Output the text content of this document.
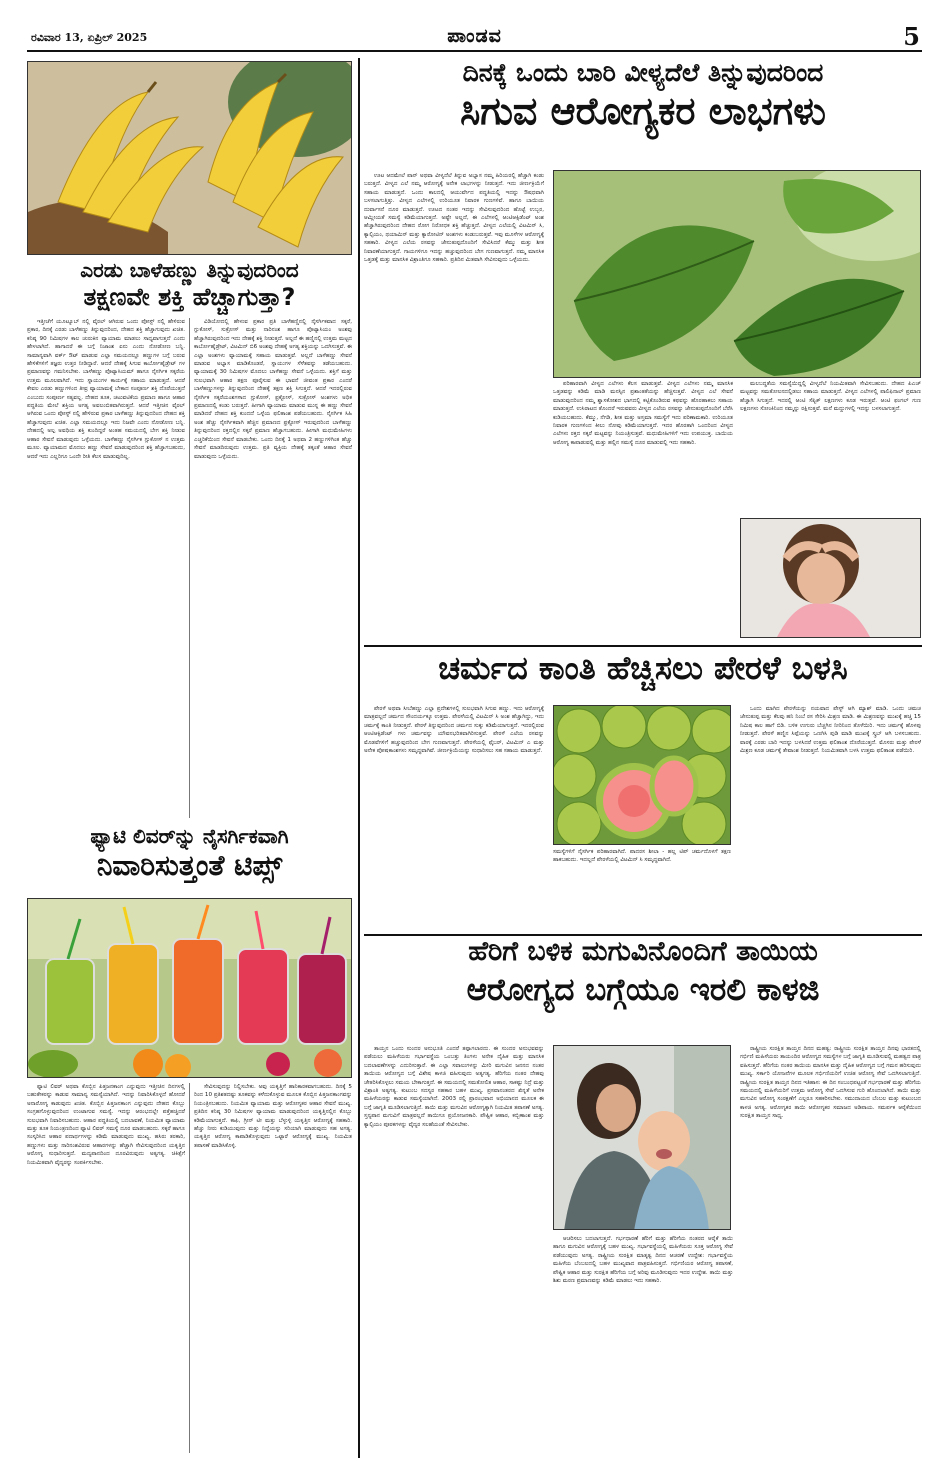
ರವಿವಾರ 13, ಏಪ್ರಿಲ್ 2025	ಪಾಂಡವ	5
ಎರಡು ಬಾಳೆಹಣ್ಣು ತಿನ್ನುವುದರಿಂದ
ತಕ್ಷಣವೇ ಶಕ್ತಿ ಹೆಚ್ಚಾಗುತ್ತಾ?

ಇತ್ತೀಚೆಗೆ ಯೂಟ್ಯೂಬ್ ನಲ್ಲಿ ವೈರಲ್ ಆಗಿರುವ ಒಂದು ಪೋಸ್ಟ್ ನಲ್ಲಿ ಹೇಳಿರುವ ಪ್ರಕಾರ, ದಿನಕ್ಕೆ ಎರಡು ಬಾಳೆಹಣ್ಣು ತಿನ್ನುವುದರಿಂದ, ದೇಹದ ಶಕ್ತಿ ಹೆಚ್ಚಾಗುವುದು ಖಚಿತ. ಕನಿಷ್ಠ 90 ನಿಮಿಷಗಳ ಕಾಲ ಚುರುಕಿನ ವ್ಯಾಯಾಮ ಮಾಡಲು ಸಾಧ್ಯವಾಗುತ್ತದೆ ಎಂದು ಹೇಳಲಾಗಿದೆ. ಹಾಗಾದರೆ ಈ ಬಗ್ಗೆ ನಿಜಾಂಶ ಏನು ಎಂದು ನೋಡೋಣ ಬನ್ನಿ. ಸಾಮಾನ್ಯವಾಗಿ ವರ್ಕ್ ಔಟ್ ಮಾಡುವ ಎಲ್ಲಾ ಸಮಯದಲ್ಲೂ ಹಣ್ಣುಗಳ ಬಗ್ಗೆ ಬರುವ ಹೇಳಿಕೆಗಳಿಗೆ ತಜ್ಞರು ಉತ್ತರ ನೀಡಿದ್ದಾರೆ. ಆದರೆ ದೇಹಕ್ಕೆ ಸಿಗುವ ಕಾರ್ಬೋಹೈಡ್ರೇಟ್ ಗಳ ಪ್ರಮಾಣವನ್ನು ಗಮನಿಸಬೇಕು. ಬಾಳೆಹಣ್ಣು ಪೊಟ್ಯಾಸಿಯಮ್ ಹಾಗೂ ನೈಸರ್ಗಿಕ ಸಕ್ಕರೆಯ ಉತ್ತಮ ಮೂಲವಾಗಿದೆ. ಇದು ಸ್ನಾಯುಗಳ ಕಾರ್ಯಕ್ಕೆ ಸಹಾಯ ಮಾಡುತ್ತದೆ. ಆದರೆ ಕೇವಲ ಎರಡು ಹಣ್ಣುಗಳಿಂದ ತೀವ್ರ ವ್ಯಾಯಾಮಕ್ಕೆ ಬೇಕಾದ ಸಂಪೂರ್ಣ ಶಕ್ತಿ ದೊರೆಯುತ್ತದೆ ಎಂಬುದು ಸಂಪೂರ್ಣ ಸತ್ಯವಲ್ಲ. ದೇಹದ ತೂಕ, ಚಟುವಟಿಕೆಯ ಪ್ರಮಾಣ ಹಾಗೂ ಆಹಾರ ಪದ್ಧತಿಯ ಮೇಲೆ ಶಕ್ತಿಯ ಅಗತ್ಯ ಅವಲಂಬಿತವಾಗಿರುತ್ತದೆ. ಆದರೆ ಇತ್ತೀಚಿನ ವೈರಲ್ ಆಗಿರುವ ಒಂದು ಪೋಸ್ಟ್ ನಲ್ಲಿ ಹೇಳಿರುವ ಪ್ರಕಾರ ಬಾಳೆಹಣ್ಣು ತಿನ್ನುವುದರಿಂದ ದೇಹದ ಶಕ್ತಿ ಹೆಚ್ಚಾಗುವುದು ಖಚಿತ. ಎಲ್ಲಾ ಸಮಯದಲ್ಲೂ ಇದು ನಿಜವೇ ಎಂದು ನೋಡೋಣ ಬನ್ನಿ. ದೇಹದಲ್ಲಿ ಅಲ್ಪ ಅವಧಿಯ ಶಕ್ತಿ ಕುಂದಿದ್ದರೆ ಅಂತಹ ಸಮಯದಲ್ಲಿ ಬೇಗ ಶಕ್ತಿ ನೀಡುವ ಆಹಾರ ಸೇವನೆ ಮಾಡುವುದು ಒಳ್ಳೆಯದು. ಬಾಳೆಹಣ್ಣು ನೈಸರ್ಗಿಕ ಗ್ಲುಕೋಸ್ ನ ಉತ್ತಮ ಮೂಲ. ವ್ಯಾಯಾಮದ ಮೊದಲು ಹಣ್ಣು ಸೇವನೆ ಮಾಡುವುದರಿಂದ ಶಕ್ತಿ ಹೆಚ್ಚಾಗಬಹುದು, ಆದರೆ ಇದು ಎಲ್ಲರಿಗೂ ಒಂದೇ ರೀತಿ ಕೆಲಸ ಮಾಡುವುದಿಲ್ಲ.

ವಿಡಿಯೋದಲ್ಲಿ ಹೇಳುವ ಪ್ರಕಾರ ಪ್ರತಿ ಬಾಳೆಹಣ್ಣಿನಲ್ಲಿ ನೈಸರ್ಗಿಕವಾದ ಸಕ್ಕರೆ, ಗ್ಲುಕೋಸ್, ಸುಕ್ರೋಸ್ ಮತ್ತು ನಾರಿನಂಶ ಹಾಗೂ ಪೊಟ್ಯಾಸಿಯಂ ಅಂಶವು ಹೆಚ್ಚಾಗಿರುವುದರಿಂದ ಇದು ದೇಹಕ್ಕೆ ಶಕ್ತಿ ನೀಡುತ್ತದೆ. ಅಲ್ಲದೆ ಈ ಹಣ್ಣಿನಲ್ಲಿ ಉತ್ತಮ ಮಟ್ಟದ ಕಾರ್ಬೋಹೈಡ್ರೇಟ್, ವಿಟಮಿನ್ ಬಿ6 ಅಂಶವು ದೇಹಕ್ಕೆ ಅಗತ್ಯ ಶಕ್ತಿಯನ್ನು ಒದಗಿಸುತ್ತವೆ. ಈ ಎಲ್ಲಾ ಅಂಶಗಳು ವ್ಯಾಯಾಮಕ್ಕೆ ಸಹಾಯ ಮಾಡುತ್ತವೆ. ಅಲ್ಲದೆ ಬಾಳೆಹಣ್ಣು ಸೇವನೆ ಮಾಡುವ ಅಭ್ಯಾಸ ಮಾಡಿಕೊಂಡರೆ, ಸ್ನಾಯುಗಳ ಸೆಳೆತವನ್ನು ತಡೆಯಬಹುದು. ವ್ಯಾಯಾಮಕ್ಕೆ 30 ನಿಮಿಷಗಳ ಮೊದಲು ಬಾಳೆಹಣ್ಣು ಸೇವನೆ ಒಳ್ಳೆಯದು. ಶಕ್ತಿಗೆ ಮತ್ತು ಸುಲಭವಾಗಿ ಆಹಾರ ತಕ್ಷಣ ಪೂರೈಸುವ ಈ ಭಾವನೆ ಜೀವಂತ ಪ್ರಕಾರ ಎಂದರೆ ಬಾಳೆಹಣ್ಣುಗಳನ್ನು ತಿನ್ನುವುದರಿಂದ ದೇಹಕ್ಕೆ ತಕ್ಷಣ ಶಕ್ತಿ ಸಿಗುತ್ತದೆ. ಆದರೆ ಇದರಲ್ಲಿರುವ ನೈಸರ್ಗಿಕ ಸಕ್ಕರೆಯಂಶಗಳಾದ ಗ್ಲುಕೋಸ್, ಫ್ರಕ್ಟೋಸ್, ಸುಕ್ರೋಸ್ ಅಂಶಗಳು ಅಧಿಕ ಪ್ರಮಾಣದಲ್ಲಿ ಕಂಡು ಬರುತ್ತದೆ. ಹೀಗಾಗಿ ವ್ಯಾಯಾಮ ಮಾಡುವ ಮುನ್ನ ಈ ಹಣ್ಣು ಸೇವನೆ ಮಾಡಿದರೆ ದೇಹದ ಶಕ್ತಿ ಕುಂದದೆ ಒಳ್ಳೆಯ ಫಲಿತಾಂಶ ಪಡೆಯಬಹುದು. ನೈಸರ್ಗಿಕ ಸಿಹಿ ಅಂಶ ಹೆಚ್ಚು ನೈಸರ್ಗಿಕವಾಗಿ ಹೆಚ್ಚಿನ ಪ್ರಮಾಣದ ಫ್ರಕ್ಟೋಸ್ ಇರುವುದರಿಂದ ಬಾಳೆಹಣ್ಣು ತಿನ್ನುವುದರಿಂದ ರಕ್ತದಲ್ಲಿನ ಸಕ್ಕರೆ ಪ್ರಮಾಣ ಹೆಚ್ಚಾಗಬಹುದು. ಹೀಗಾಗಿ ಮಧುಮೇಹಿಗಳು ಎಚ್ಚರಿಕೆಯಿಂದ ಸೇವನೆ ಮಾಡಬೇಕು. ಒಂದು ದಿನಕ್ಕೆ 1 ಅಥವಾ 2 ಹಣ್ಣುಗಳಿಗಿಂತ ಹೆಚ್ಚು ಸೇವನೆ ಮಾಡದಿರುವುದು ಉತ್ತಮ. ಪ್ರತಿ ವ್ಯಕ್ತಿಯ ದೇಹಕ್ಕೆ ತಕ್ಕಂತೆ ಆಹಾರ ಸೇವನೆ ಮಾಡುವುದು ಒಳ್ಳೆಯದು.

ಫ್ಯಾಟಿ ಲಿವರ್‌ನ್ನು ನೈಸರ್ಗಿಕವಾಗಿ
ನಿವಾರಿಸುತ್ತಂತೆ ಟಿಪ್ಸ್

ಫ್ಯಾಟಿ ಲಿವರ್ ಅಥವಾ ಕೊಬ್ಬಿನ ಪಿತ್ತಜನಕಾಂಗ ಎನ್ನುವುದು ಇತ್ತೀಚಿನ ದಿನಗಳಲ್ಲಿ ಬಹುತೇಕರನ್ನು ಕಾಡುವ ಸಾಮಾನ್ಯ ಸಮಸ್ಯೆಯಾಗಿದೆ. ಇದನ್ನು ನಿವಾರಿಸಿಕೊಳ್ಳದೆ ಹೋದರೆ ಅನಾರೋಗ್ಯ ಕಾಡುವುದು ಖಚಿತ. ಕೊಬ್ಬಿನ ಪಿತ್ತಜನಕಾಂಗ ಎನ್ನುವುದು ದೇಹದ ಕೊಬ್ಬು ಸಂಗ್ರಹಗೊಳ್ಳುವುದರಿಂದ ಉಂಟಾಗುವ ಸಮಸ್ಯೆ. ಇದನ್ನು ಆರಂಭದಲ್ಲೇ ಪತ್ತೆಹಚ್ಚಿದರೆ ಸುಲಭವಾಗಿ ನಿವಾರಿಸಬಹುದು. ಆಹಾರ ಪದ್ಧತಿಯಲ್ಲಿ ಬದಲಾವಣೆ, ನಿಯಮಿತ ವ್ಯಾಯಾಮ ಮತ್ತು ತೂಕ ನಿಯಂತ್ರಣದಿಂದ ಫ್ಯಾಟಿ ಲಿವರ್ ಸಮಸ್ಯೆ ದೂರ ಮಾಡಬಹುದು. ಸಕ್ಕರೆ ಹಾಗೂ ಸಂಸ್ಕರಿಸಿದ ಆಹಾರ ಪದಾರ್ಥಗಳನ್ನು ಕಡಿಮೆ ಮಾಡುವುದು ಮುಖ್ಯ. ಹಸಿರು ತರಕಾರಿ, ಹಣ್ಣುಗಳು ಮತ್ತು ನಾರಿನಂಶವಿರುವ ಆಹಾರಗಳನ್ನು ಹೆಚ್ಚಾಗಿ ಸೇವಿಸುವುದರಿಂದ ಯಕೃತ್ತಿನ ಆರೋಗ್ಯ ಸುಧಾರಿಸುತ್ತದೆ. ಮದ್ಯಪಾನದಿಂದ ದೂರವಿರುವುದು ಅತ್ಯಗತ್ಯ. ಚಿಕಿತ್ಸೆಗೆ ನಿಯಮಿತವಾಗಿ ವೈದ್ಯರನ್ನು ಸಂಪರ್ಕಿಸಬೇಕು.

ಸೇವಿಸುವುದನ್ನು ನಿಲ್ಲಿಸಬೇಕು. ಅವು ಯಕೃತ್ತಿಗೆ ಹಾನಿಕಾರಕವಾಗಬಹುದು. ದಿನಕ್ಕೆ 5 ರಿಂದ 10 ಪ್ರತಿಶತದಷ್ಟು ತೂಕವನ್ನು ಕಳೆದುಕೊಳ್ಳುವ ಮೂಲಕ ಕೊಬ್ಬಿನ ಪಿತ್ತಜನಕಾಂಗವನ್ನು ನಿಯಂತ್ರಿಸಬಹುದು. ನಿಯಮಿತ ವ್ಯಾಯಾಮ ಮತ್ತು ಆರೋಗ್ಯಕರ ಆಹಾರ ಸೇವನೆ ಮುಖ್ಯ. ಪ್ರತಿದಿನ ಕನಿಷ್ಠ 30 ನಿಮಿಷಗಳ ವ್ಯಾಯಾಮ ಮಾಡುವುದರಿಂದ ಯಕೃತ್ತಿನಲ್ಲಿನ ಕೊಬ್ಬು ಕಡಿಮೆಯಾಗುತ್ತದೆ. ಕಾಫಿ, ಗ್ರೀನ್ ಟೀ ಮತ್ತು ಬೆಳ್ಳುಳ್ಳಿ ಯಕೃತ್ತಿನ ಆರೋಗ್ಯಕ್ಕೆ ಸಹಕಾರಿ. ಹೆಚ್ಚು ನೀರು ಕುಡಿಯುವುದು ಮತ್ತು ನಿದ್ದೆಯನ್ನು ಸರಿಯಾಗಿ ಮಾಡುವುದು ಸಹ ಅಗತ್ಯ. ಯಕೃತ್ತಿನ ಆರೋಗ್ಯ ಕಾಪಾಡಿಕೊಳ್ಳುವುದು ಒಟ್ಟಾರೆ ಆರೋಗ್ಯಕ್ಕೆ ಮುಖ್ಯ. ನಿಯಮಿತ ತಪಾಸಣೆ ಮಾಡಿಸಿಕೊಳ್ಳಿ.

ದಿನಕ್ಕೆ ಒಂದು ಬಾರಿ ವೀಳ್ಯದೆಲೆ ತಿನ್ನುವುದರಿಂದ
ಸಿಗುವ ಆರೋಗ್ಯಕರ ಲಾಭಗಳು

ಊಟ ಆದಮೇಲೆ ಪಾನ್ ಅಥವಾ ವೀಳ್ಯದೆಲೆ ತಿನ್ನುವ ಅಭ್ಯಾಸ ನಮ್ಮ ಹಿರಿಯರಲ್ಲಿ ಹೆಚ್ಚಾಗಿ ಕಂಡು ಬರುತ್ತದೆ. ವೀಳ್ಯದ ಎಲೆ ನಮ್ಮ ಆರೋಗ್ಯಕ್ಕೆ ಅನೇಕ ಲಾಭಗಳನ್ನು ನೀಡುತ್ತದೆ. ಇದು ಜೀರ್ಣಕ್ರಿಯೆಗೆ ಸಹಾಯ ಮಾಡುತ್ತದೆ. ಒಂದು ಕಾಲದಲ್ಲಿ ಆಯುರ್ವೇದ ಪದ್ಧತಿಯಲ್ಲಿ ಇದನ್ನು ಔಷಧವಾಗಿ ಬಳಸಲಾಗುತ್ತಿತ್ತು. ವೀಳ್ಯದ ಎಲೆಗಳಲ್ಲಿ ಉರಿಯೂತ ನಿವಾರಕ ಗುಣಗಳಿವೆ. ಹಾಗೂ ಬಾಯಿಯ ದುರ್ವಾಸನೆ ದೂರ ಮಾಡುತ್ತದೆ. ಊಟದ ನಂತರ ಇದನ್ನು ಸೇವಿಸುವುದರಿಂದ ಹೊಟ್ಟೆ ಉಬ್ಬರ, ಆಮ್ಲೀಯತೆ ಸಮಸ್ಯೆ ಕಡಿಮೆಯಾಗುತ್ತದೆ. ಅಷ್ಟೇ ಅಲ್ಲದೆ, ಈ ಎಲೆಗಳಲ್ಲಿ ಆಂಟಿಆಕ್ಸಿಡೆಂಟ್ ಅಂಶ ಹೆಚ್ಚಾಗಿರುವುದರಿಂದ ದೇಹದ ರೋಗ ನಿರೋಧಕ ಶಕ್ತಿ ಹೆಚ್ಚುತ್ತದೆ. ವೀಳ್ಯದ ಎಲೆಯಲ್ಲಿ ವಿಟಮಿನ್ ಸಿ, ಕ್ಯಾಲ್ಸಿಯಂ, ಥಯಾಮಿನ್ ಮತ್ತು ಕ್ಯಾರೋಟಿನ್ ಅಂಶಗಳು ಕಂಡುಬರುತ್ತವೆ. ಇವು ಮೂಳೆಗಳ ಆರೋಗ್ಯಕ್ಕೆ ಸಹಕಾರಿ. ವೀಳ್ಯದ ಎಲೆಯ ರಸವನ್ನು ಜೇನುತುಪ್ಪದೊಂದಿಗೆ ಸೇವಿಸಿದರೆ ಕೆಮ್ಮು ಮತ್ತು ಶೀತ ನಿವಾರಣೆಯಾಗುತ್ತದೆ. ಗಾಯಗಳಿಗೂ ಇದನ್ನು ಹಚ್ಚುವುದರಿಂದ ಬೇಗ ಗುಣವಾಗುತ್ತದೆ. ನಮ್ಮ ಮಾನಸಿಕ ಒತ್ತಡಕ್ಕೆ ಮತ್ತು ಮಾನಸಿಕ ವಿಶ್ರಾಂತಿಗೂ ಸಹಕಾರಿ. ಪ್ರತಿದಿನ ಮಿತವಾಗಿ ಸೇವಿಸುವುದು ಒಳ್ಳೆಯದು.

ಪರಿಹಾರವಾಗಿ ವೀಳ್ಯದ ಎಲೆಗಳು ಕೆಲಸ ಮಾಡುತ್ತವೆ. ವೀಳ್ಯದ ಎಲೆಗಳು ನಮ್ಮ ಮಾನಸಿಕ ಒತ್ತಡವನ್ನು ಕಡಿಮೆ ಮಾಡಿ ಮನಸ್ಸಿನ ಪ್ರಶಾಂತತೆಯನ್ನು ಹೆಚ್ಚಿಸುತ್ತವೆ. ವೀಳ್ಯದ ಎಲೆ ಸೇವನೆ ಮಾಡುವುದರಿಂದ ನಮ್ಮ ಶ್ವಾಸಕೋಶದ ಭಾಗದಲ್ಲಿ ಕಟ್ಟಿಕೊಂಡಿರುವ ಕಫವನ್ನು ಹೊರಹಾಕಲು ಸಹಾಯ ಮಾಡುತ್ತದೆ. ಉಸಿರಾಟದ ತೊಂದರೆ ಇರುವವರು ವೀಳ್ಯದ ಎಲೆಯ ರಸವನ್ನು ಜೇನುತುಪ್ಪದೊಂದಿಗೆ ಬೆರೆಸಿ ಕುಡಿಯಬಹುದು. ಕೆಮ್ಮು, ನೆಗಡಿ, ಶೀತ ಮತ್ತು ಅಸ್ತಮಾ ಸಮಸ್ಯೆಗೆ ಇದು ಪರಿಣಾಮಕಾರಿ. ಉರಿಯೂತ ನಿವಾರಕ ಗುಣಗಳಿಂದ ಕೀಲು ನೋವು ಕಡಿಮೆಯಾಗುತ್ತದೆ. ಇದರ ಹೊರತಾಗಿ ಒಂದರಿಂದ ವೀಳ್ಯದ ಎಲೆಗಳು ರಕ್ತದ ಸಕ್ಕರೆ ಮಟ್ಟವನ್ನು ನಿಯಂತ್ರಿಸುತ್ತವೆ. ಮಧುಮೇಹಿಗಳಿಗೆ ಇದು ಉಪಯುಕ್ತ. ಬಾಯಿಯ ಆರೋಗ್ಯ ಕಾಪಾಡುವಲ್ಲಿ ಮತ್ತು ಹಲ್ಲಿನ ಸಮಸ್ಯೆ ದೂರ ಮಾಡುವಲ್ಲಿ ಇದು ಸಹಕಾರಿ.

ಮಲಬದ್ಧತೆಯ ಸಮಸ್ಯೆಯಿದ್ದಲ್ಲಿ ವೀಳ್ಯದೆಲೆ ನಿಯಮಿತವಾಗಿ ಸೇವಿಸಬಹುದು. ದೇಹದ ಪಿಎಚ್ ಮಟ್ಟವನ್ನು ಸಮತೋಲನದಲ್ಲಿಡಲು ಸಹಾಯ ಮಾಡುತ್ತದೆ. ವೀಳ್ಯದ ಎಲೆಗಳಲ್ಲಿ ಪಾಲಿಫಿನಾಲ್ ಪ್ರಮಾಣ ಹೆಚ್ಚಾಗಿ ಸಿಗುತ್ತದೆ. ಇದರಲ್ಲಿ ಆಂಟಿ ಸೆಪ್ಟಿಕ್ ಲಕ್ಷಣಗಳು ಕೂಡ ಇರುತ್ತವೆ. ಆಂಟಿ ಫಂಗಲ್ ಗುಣ ಲಕ್ಷಣಗಳು ಸೋಂಕಿನಿಂದ ನಮ್ಮನ್ನು ರಕ್ಷಿಸುತ್ತವೆ. ಮನೆ ಮದ್ದುಗಳಲ್ಲಿ ಇದನ್ನು ಬಳಸಲಾಗುತ್ತದೆ.

ಚರ್ಮದ ಕಾಂತಿ ಹೆಚ್ಚಿಸಲು ಪೇರಳೆ ಬಳಸಿ

ಪೇರಳೆ ಅಥವಾ ಸೀಬೆಹಣ್ಣು ಎಲ್ಲಾ ಪ್ರದೇಶಗಳಲ್ಲಿ ಸುಲಭವಾಗಿ ಸಿಗುವ ಹಣ್ಣು. ಇದು ಆರೋಗ್ಯಕ್ಕೆ ಮಾತ್ರವಲ್ಲದೆ ಚರ್ಮದ ಸೌಂದರ್ಯಕ್ಕೂ ಉತ್ತಮ. ಪೇರಳೆಯಲ್ಲಿ ವಿಟಮಿನ್ ಸಿ ಅಂಶ ಹೆಚ್ಚಾಗಿದ್ದು, ಇದು ಚರ್ಮಕ್ಕೆ ಕಾಂತಿ ನೀಡುತ್ತದೆ. ಪೇರಳೆ ತಿನ್ನುವುದರಿಂದ ಚರ್ಮದ ಸುಕ್ಕು ಕಡಿಮೆಯಾಗುತ್ತದೆ. ಇದರಲ್ಲಿರುವ ಆಂಟಿಆಕ್ಸಿಡೆಂಟ್ ಗಳು ಚರ್ಮವನ್ನು ಯೌವನಭರಿತವಾಗಿರಿಸುತ್ತವೆ. ಪೇರಳೆ ಎಲೆಯ ರಸವನ್ನು ಮೊಡವೆಗಳಿಗೆ ಹಚ್ಚುವುದರಿಂದ ಬೇಗ ಗುಣವಾಗುತ್ತದೆ. ಪೇರಳೆಯಲ್ಲಿ ಫೈಬರ್, ವಿಟಮಿನ್ ಎ ಮತ್ತು ಅನೇಕ ಪೋಷಕಾಂಶಗಳು ಸಮೃದ್ಧವಾಗಿವೆ. ಜೀರ್ಣಕ್ರಿಯೆಯನ್ನು ಸುಧಾರಿಸಲು ಸಹ ಸಹಾಯ ಮಾಡುತ್ತದೆ.

ಸಮಸ್ಯೆಗಳಿಗೆ ನೈಸರ್ಗಿಕ ಪರಿಹಾರವಾಗಿದೆ. ಪಾದರಸ ಶೀಲಾ - ಹಲ್ಲ ಟಿಪ್ ಚರ್ಮದೊಳಗೆ ತಕ್ಷಣ ಹಾಕಬಹುದು. ಇದಲ್ಲದೆ ಪೇರಳೆಯಲ್ಲಿ ವಿಟಮಿನ್ ಸಿ ಸಮೃದ್ಧವಾಗಿದೆ.

ಒಂದು ಮಾಗಿದ ಪೇರಳೆಯನ್ನು ನಯವಾದ ಪೇಸ್ಟ್ ಆಗಿ ಮ್ಯಾಶ್ ಮಾಡಿ. ಒಂದು ಚಮಚ ಜೇನುತುಪ್ಪ ಮತ್ತು ಕೆಲವು ಹನಿ ನಿಂಬೆ ರಸ ಸೇರಿಸಿ ಮಿಶ್ರಣ ಮಾಡಿ. ಈ ಮಿಶ್ರಣವನ್ನು ಮುಖಕ್ಕೆ ಹಚ್ಚಿ 15 ನಿಮಿಷ ಕಾಲ ಹಾಗೆ ಬಿಡಿ. ಬಳಿಕ ಉಗುರು ಬೆಚ್ಚಗಿನ ನೀರಿನಿಂದ ತೊಳೆಯಿರಿ. ಇದು ಚರ್ಮಕ್ಕೆ ಹೊಳಪು ನೀಡುತ್ತದೆ. ಪೇರಳೆ ಹಣ್ಣಿನ ಸಿಪ್ಪೆಯನ್ನು ಒಣಗಿಸಿ ಪುಡಿ ಮಾಡಿ ಮುಖಕ್ಕೆ ಸ್ಕ್ರಬ್ ಆಗಿ ಬಳಸಬಹುದು. ವಾರಕ್ಕೆ ಎರಡು ಬಾರಿ ಇದನ್ನು ಬಳಸಿದರೆ ಉತ್ತಮ ಫಲಿತಾಂಶ ದೊರೆಯುತ್ತದೆ. ಮೊಸರು ಮತ್ತು ಪೇರಳೆ ಮಿಶ್ರಣ ಕೂಡ ಚರ್ಮಕ್ಕೆ ತೇವಾಂಶ ನೀಡುತ್ತದೆ. ನಿಯಮಿತವಾಗಿ ಬಳಸಿ ಉತ್ತಮ ಫಲಿತಾಂಶ ಪಡೆಯಿರಿ.

ಹೆರಿಗೆ ಬಳಿಕ ಮಗುವಿನೊಂದಿಗೆ ತಾಯಿಯ
ಆರೋಗ್ಯದ ಬಗ್ಗೆಯೂ ಇರಲಿ ಕಾಳಜಿ

ತಾಯ್ತನ ಒಂದು ಸುಂದರ ಅನುಭೂತಿ ಎಂದರೆ ತಪ್ಪಾಗಲಾರದು. ಈ ಸುಂದರ ಅನುಭವವನ್ನು ಪಡೆಯಲು ಮಹಿಳೆಯರು ಗರ್ಭಾವಸ್ಥೆಯ ಒಂಬತ್ತು ತಿಂಗಳು ಅನೇಕ ದೈಹಿಕ ಮತ್ತು ಮಾನಸಿಕ ಬದಲಾವಣೆಗಳನ್ನು ಎದುರಿಸುತ್ತಾರೆ. ಈ ಎಲ್ಲಾ ಸವಾಲುಗಳನ್ನು ಮೀರಿ ಮಗುವಿನ ಜನನದ ನಂತರ ತಾಯಿಯ ಆರೋಗ್ಯದ ಬಗ್ಗೆ ವಿಶೇಷ ಕಾಳಜಿ ವಹಿಸುವುದು ಅತ್ಯಗತ್ಯ. ಹೆರಿಗೆಯ ನಂತರ ದೇಹವು ಚೇತರಿಸಿಕೊಳ್ಳಲು ಸಮಯ ಬೇಕಾಗುತ್ತದೆ. ಈ ಸಮಯದಲ್ಲಿ ಸಮತೋಲಿತ ಆಹಾರ, ಸಾಕಷ್ಟು ನಿದ್ರೆ ಮತ್ತು ವಿಶ್ರಾಂತಿ ಅತ್ಯಗತ್ಯ. ಕುಟುಂಬ ಸದಸ್ಯರ ಸಹಕಾರ ಬಹಳ ಮುಖ್ಯ. ಪ್ರಸವಾನಂತರದ ಖಿನ್ನತೆ ಅನೇಕ ಮಹಿಳೆಯರನ್ನು ಕಾಡುವ ಸಮಸ್ಯೆಯಾಗಿದೆ. 2003 ರಲ್ಲಿ ಪ್ರಾರಂಭವಾದ ಅಭಿಯಾನದ ಮೂಲಕ ಈ ಬಗ್ಗೆ ಜಾಗೃತಿ ಮೂಡಿಸಲಾಗುತ್ತಿದೆ. ತಾಯಿ ಮತ್ತು ಮಗುವಿನ ಆರೋಗ್ಯಕ್ಕಾಗಿ ನಿಯಮಿತ ತಪಾಸಣೆ ಅಗತ್ಯ. ಸ್ತನ್ಯಪಾನ ಮಗುವಿಗೆ ಮಾತ್ರವಲ್ಲದೆ ತಾಯಿಗೂ ಪ್ರಯೋಜನಕಾರಿ. ಪೌಷ್ಟಿಕ ಆಹಾರ, ಕಬ್ಬಿಣಾಂಶ ಮತ್ತು ಕ್ಯಾಲ್ಸಿಯಂ ಪೂರಕಗಳನ್ನು ವೈದ್ಯರ ಸಲಹೆಯಂತೆ ಸೇವಿಸಬೇಕು.

ಆಚರಿಸಲು ಬದಲಾಗುತ್ತದೆ. ಗರ್ಭಧಾರಣೆ ಹೆರಿಗೆ ಮತ್ತು ಹೆರಿಗೆಯ ನಂತರದ ಆರೈಕೆ ತಾಯಿ ಹಾಗೂ ಮಗುವಿನ ಆರೋಗ್ಯಕ್ಕೆ ಬಹಳ ಮುಖ್ಯ. ಗರ್ಭಾವಸ್ಥೆಯಲ್ಲಿ ಮಹಿಳೆಯರು ಸೂಕ್ತ ಆರೋಗ್ಯ ಸೇವೆ ಪಡೆಯುವುದು ಅಗತ್ಯ. ರಾಷ್ಟ್ರೀಯ ಸುರಕ್ಷಿತ ಮಾತೃತ್ವ ದಿನದ ಆಚರಣೆ ಉದ್ದೇಶ: ಗರ್ಭಾವಸ್ಥೆಯ ಮಹಿಳೆಯ ಬೆಂಬಲದಲ್ಲಿ ಬಹಳ ಮುಖ್ಯವಾದ ಪಾತ್ರವಹಿಸುತ್ತದೆ. ಗರ್ಭಿಣಿಯರ ಆರೋಗ್ಯ ತಪಾಸಣೆ, ಪೌಷ್ಟಿಕ ಆಹಾರ ಮತ್ತು ಸುರಕ್ಷಿತ ಹೆರಿಗೆಯ ಬಗ್ಗೆ ಅರಿವು ಮೂಡಿಸುವುದು ಇದರ ಉದ್ದೇಶ. ತಾಯಿ ಮತ್ತು ಶಿಶು ಮರಣ ಪ್ರಮಾಣವನ್ನು ಕಡಿಮೆ ಮಾಡಲು ಇದು ಸಹಕಾರಿ.

ರಾಷ್ಟ್ರೀಯ ಸುರಕ್ಷಿತ ತಾಯ್ತನ ದಿನದ ಮಹತ್ವ: ರಾಷ್ಟ್ರೀಯ ಸುರಕ್ಷಿತ ತಾಯ್ತನ ದಿನವು ಭಾರತದಲ್ಲಿ ಗರ್ಭಿಣಿ ಮಹಿಳೆಯರು ತಾಯಂದಿರ ಆರೋಗ್ಯದ ಸಮಸ್ಯೆಗಳ ಬಗ್ಗೆ ಜಾಗೃತಿ ಮೂಡಿಸುವಲ್ಲಿ ಮಹತ್ವದ ಪಾತ್ರ ವಹಿಸುತ್ತದೆ. ಹೆರಿಗೆಯ ನಂತರ ತಾಯಿಯ ಮಾನಸಿಕ ಮತ್ತು ದೈಹಿಕ ಆರೋಗ್ಯದ ಬಗ್ಗೆ ಗಮನ ಹರಿಸುವುದು ಮುಖ್ಯ. ಸರ್ಕಾರಿ ಯೋಜನೆಗಳ ಮೂಲಕ ಗರ್ಭಿಣಿಯರಿಗೆ ಉಚಿತ ಆರೋಗ್ಯ ಸೇವೆ ಒದಗಿಸಲಾಗುತ್ತಿದೆ. ರಾಷ್ಟ್ರೀಯ ಸುರಕ್ಷಿತ ತಾಯ್ತನ ದಿನದ ಇತಿಹಾಸ: ಈ ದಿನ ಸಂಬಂಧಪಟ್ಟಂತೆ ಗರ್ಭಧಾರಣೆ ಮತ್ತು ಹೆರಿಗೆಯ ಸಮಯದಲ್ಲಿ ಮಹಿಳೆಯರಿಗೆ ಉತ್ತಮ ಆರೋಗ್ಯ ಸೇವೆ ಒದಗಿಸುವ ಗುರಿ ಹೊಂದಲಾಗಿದೆ. ತಾಯಿ ಮತ್ತು ಮಗುವಿನ ಆರೋಗ್ಯ ಸಂರಕ್ಷಣೆಗೆ ಎಲ್ಲರೂ ಸಹಕರಿಸಬೇಕು. ಸಮುದಾಯದ ಬೆಂಬಲ ಮತ್ತು ಕುಟುಂಬದ ಕಾಳಜಿ ಅಗತ್ಯ. ಆರೋಗ್ಯಕರ ತಾಯಿ ಆರೋಗ್ಯಕರ ಸಮಾಜದ ಅಡಿಪಾಯ. ಸಮರ್ಪಕ ಆರೈಕೆಯಿಂದ ಸುರಕ್ಷಿತ ತಾಯ್ತನ ಸಾಧ್ಯ.
